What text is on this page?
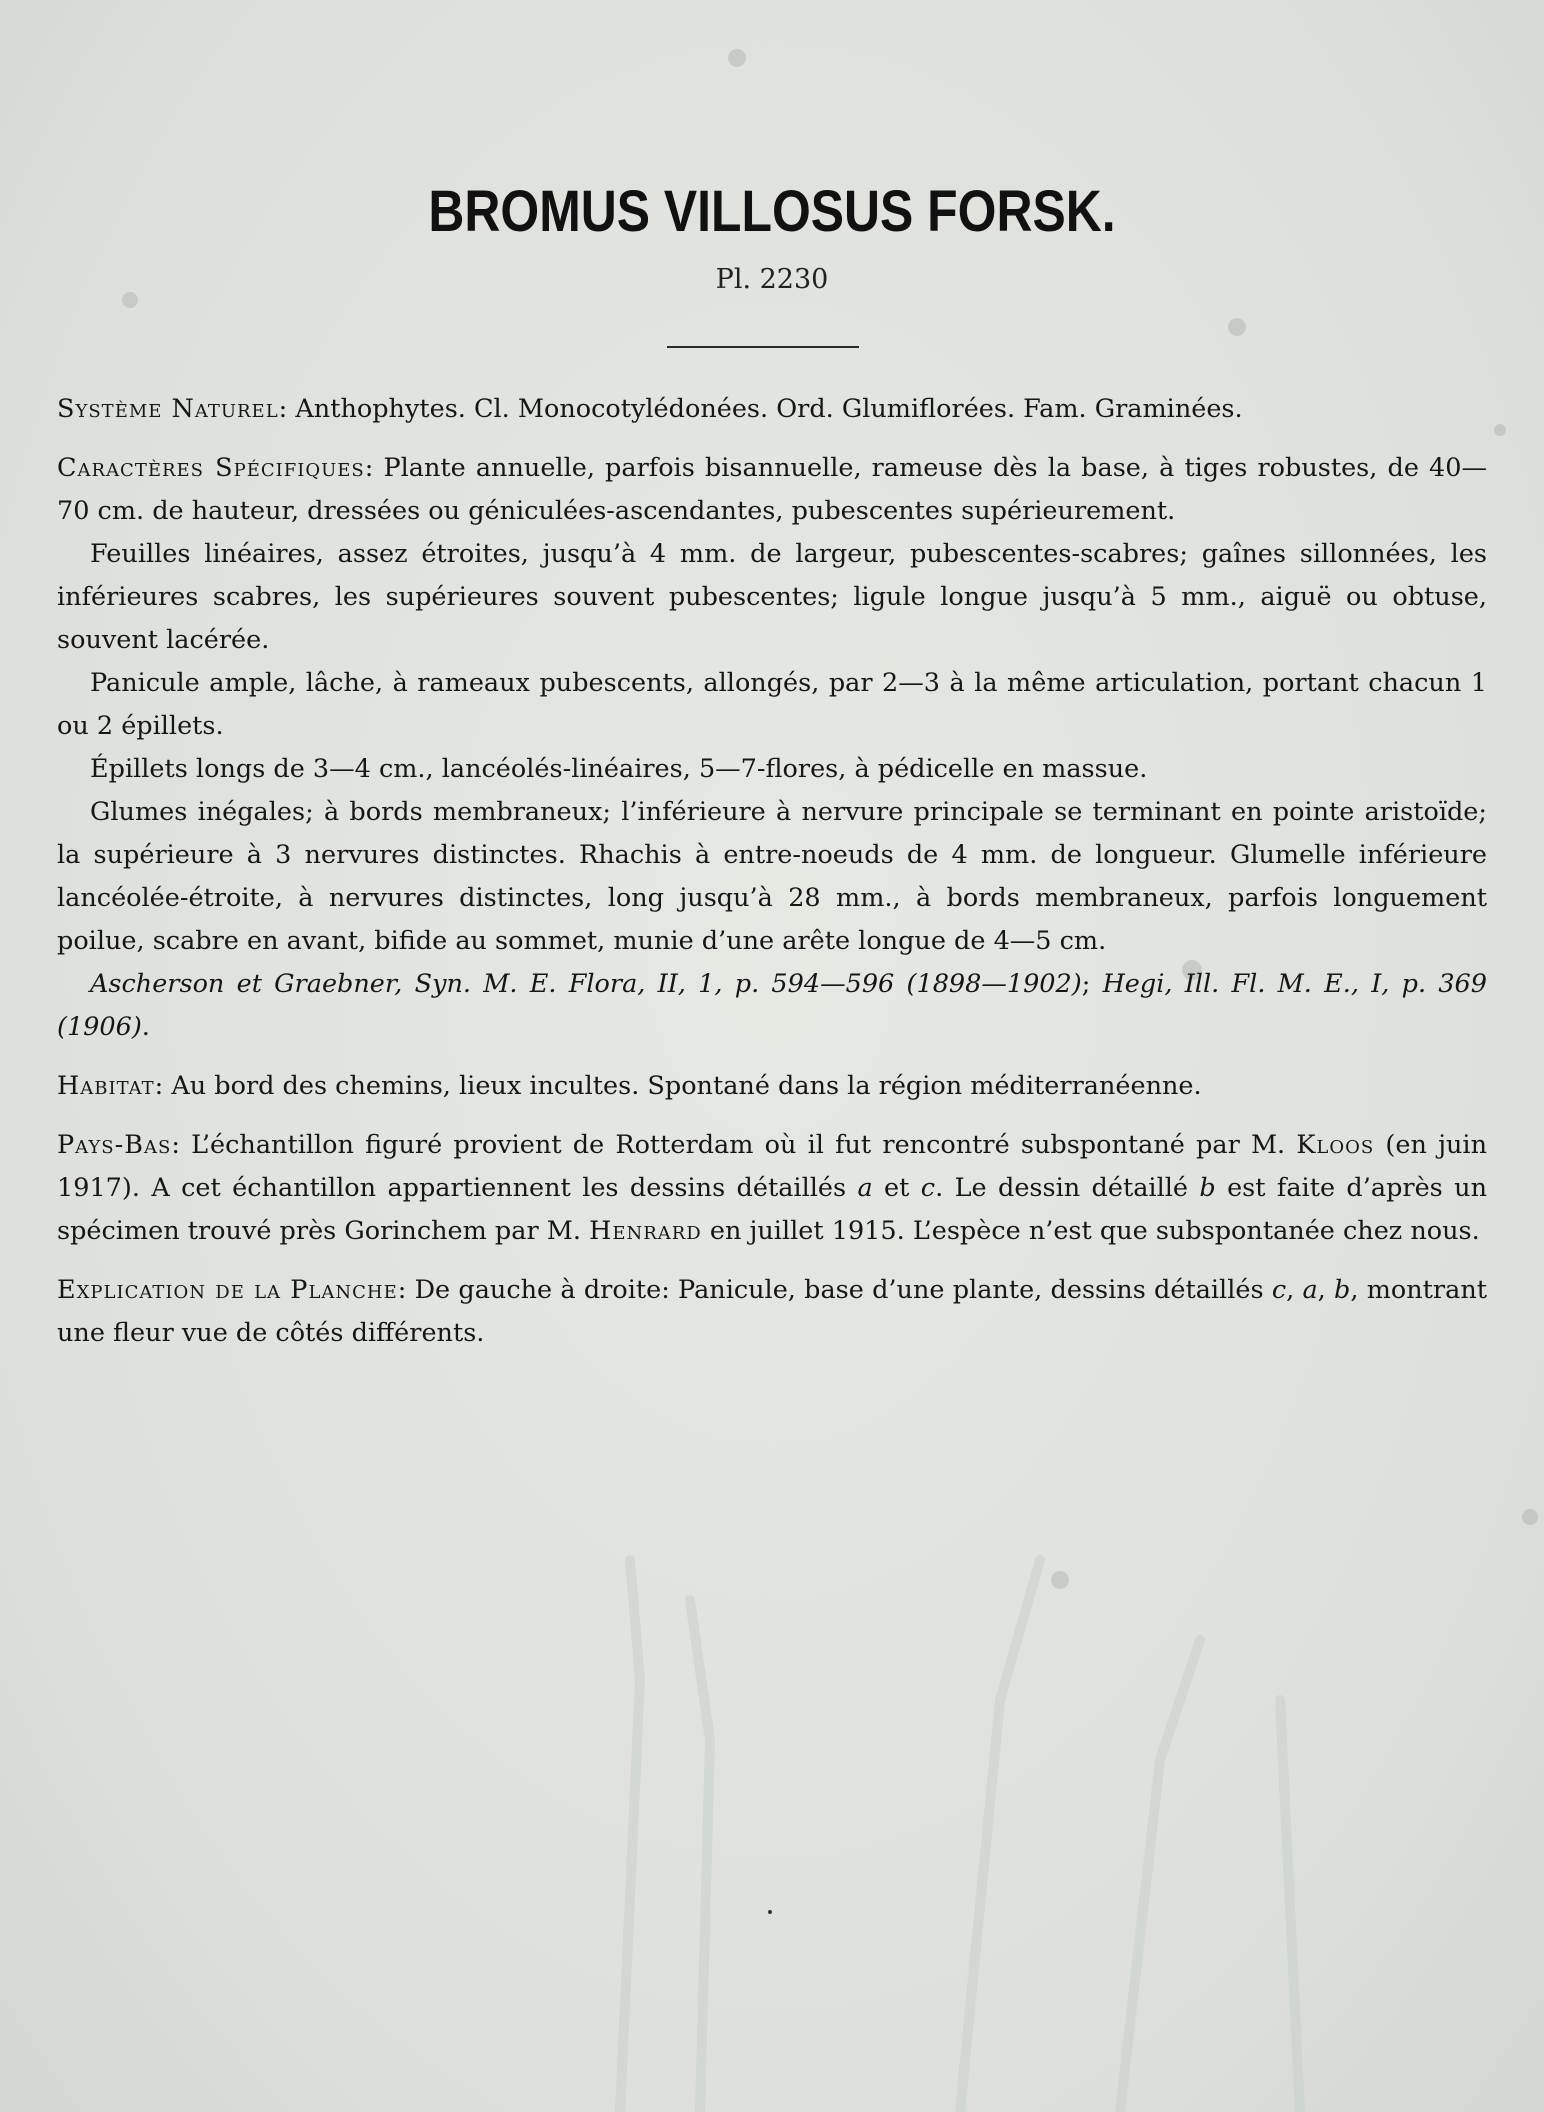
BROMUS VILLOSUS FORSK.
Pl. 2230

Système Naturel: Anthophytes. Cl. Monocotylédonées. Ord. Glumiflorées. Fam. Graminées.

Caractères Spécifiques: Plante annuelle, parfois bisannuelle, rameuse dès la base, à tiges robustes, de 40—70 cm. de hauteur, dressées ou géniculées-ascendantes, pubescentes supérieurement.

Feuilles linéaires, assez étroites, jusqu’à 4 mm. de largeur, pubescentes-scabres; gaînes sillonnées, les inférieures scabres, les supérieures souvent pubescentes; ligule longue jusqu’à 5 mm., aiguë ou obtuse, souvent lacérée.

Panicule ample, lâche, à rameaux pubescents, allongés, par 2—3 à la même articulation, portant chacun 1 ou 2 épillets.

Épillets longs de 3—4 cm., lancéolés-linéaires, 5—7-flores, à pédicelle en massue.

Glumes inégales; à bords membraneux; l’inférieure à nervure principale se terminant en pointe aristoïde; la supérieure à 3 nervures distinctes. Rhachis à entre-noeuds de 4 mm. de longueur. Glumelle inférieure lancéolée-étroite, à nervures distinctes, long jusqu’à 28 mm., à bords membraneux, parfois longuement poilue, scabre en avant, bifide au sommet, munie d’une arête longue de 4—5 cm.

Ascherson et Graebner, Syn. M. E. Flora, II, 1, p. 594—596 (1898—1902); Hegi, Ill. Fl. M. E., I, p. 369 (1906).

Habitat: Au bord des chemins, lieux incultes. Spontané dans la région méditerranéenne.

Pays-Bas: L’échantillon figuré provient de Rotterdam où il fut rencontré subspontané par M. Kloos (en juin 1917). A cet échantillon appartiennent les dessins détaillés a et c. Le dessin détaillé b est faite d’après un spécimen trouvé près Gorinchem par M. Henrard en juillet 1915. L’espèce n’est que subspontanée chez nous.

Explication de la Planche: De gauche à droite: Panicule, base d’une plante, dessins détaillés c, a, b, montrant une fleur vue de côtés différents.
